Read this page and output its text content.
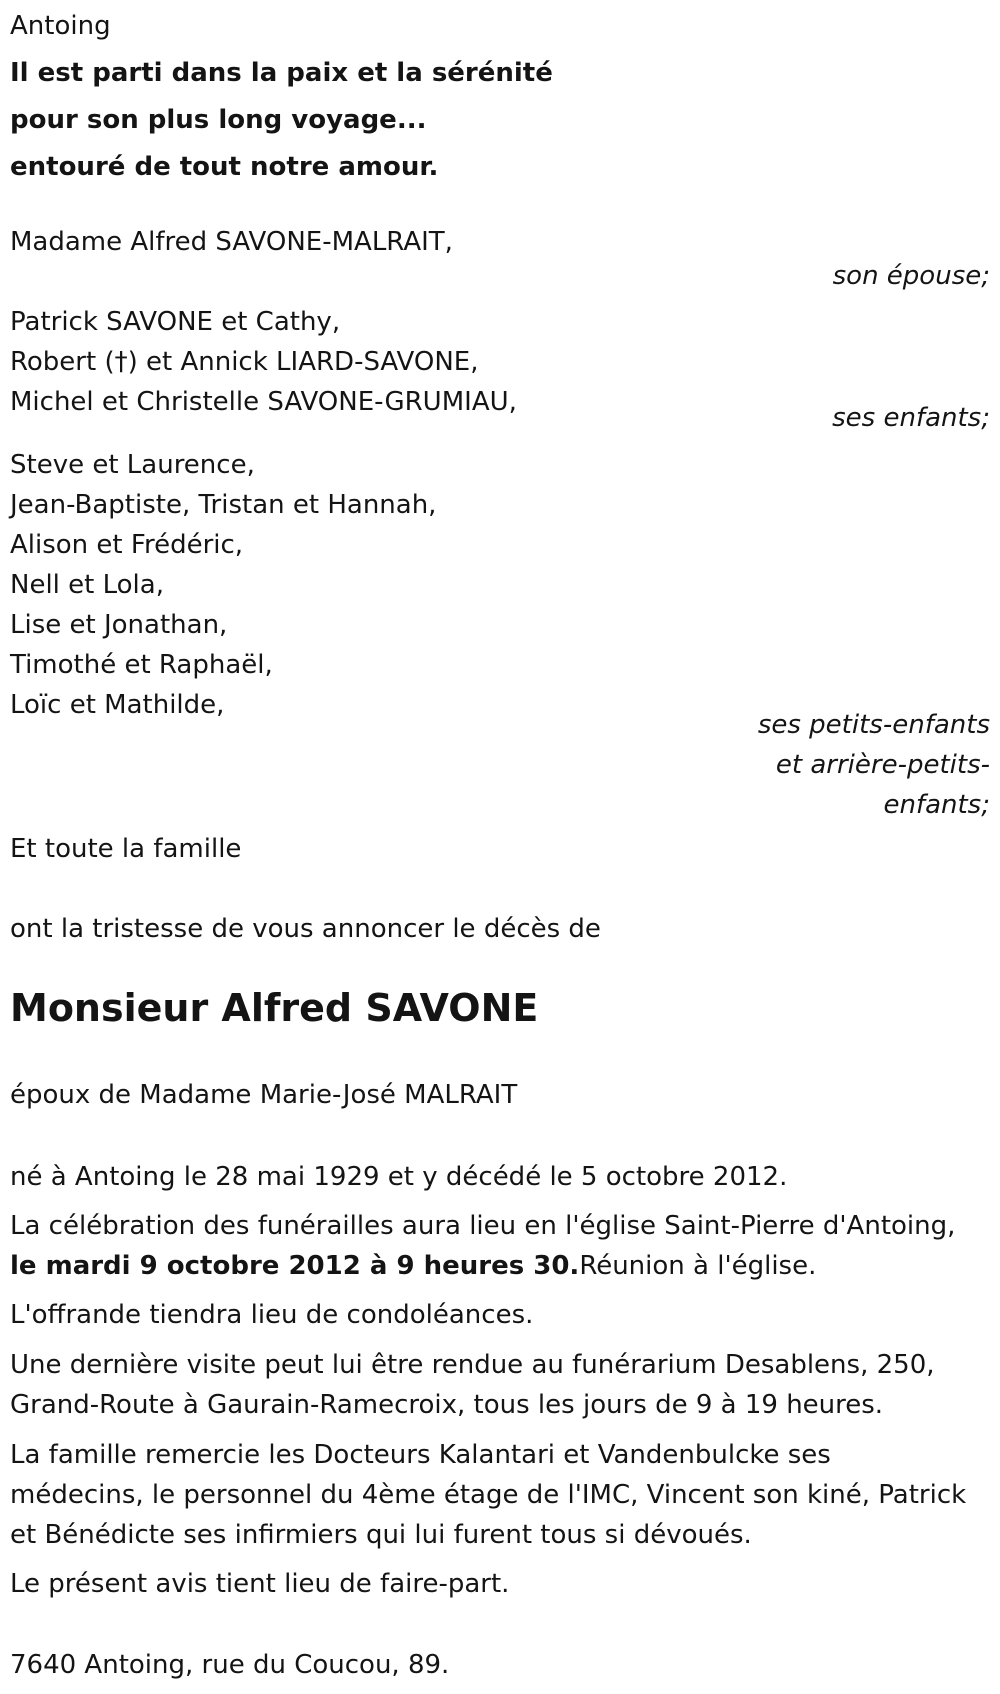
Antoing
Il est parti dans la paix et la sérénité
pour son plus long voyage...
entouré de tout notre amour.
Madame Alfred SAVONE-MALRAIT,
son épouse;
Patrick SAVONE et Cathy,
Robert (†) et Annick LIARD-SAVONE,
Michel et Christelle SAVONE-GRUMIAU,
ses enfants;
Steve et Laurence,
Jean-Baptiste, Tristan et Hannah,
Alison et Frédéric,
Nell et Lola,
Lise et Jonathan,
Timothé et Raphaël,
Loïc et Mathilde,
ses petits-enfants
et arrière-petits-
enfants;
Et toute la famille
ont la tristesse de vous annoncer le décès de
Monsieur Alfred SAVONE
époux de Madame Marie-José MALRAIT
né à Antoing le 28 mai 1929 et y décédé le 5 octobre 2012.
La célébration des funérailles aura lieu en l'église Saint-Pierre d'Antoing,
le mardi 9 octobre 2012 à 9 heures 30.Réunion à l'église.
L'offrande tiendra lieu de condoléances.
Une dernière visite peut lui être rendue au funérarium Desablens, 250,
Grand-Route à Gaurain-Ramecroix, tous les jours de 9 à 19 heures.
La famille remercie les Docteurs Kalantari et Vandenbulcke ses
médecins, le personnel du 4ème étage de l'IMC, Vincent son kiné, Patrick
et Bénédicte ses infirmiers qui lui furent tous si dévoués.
Le présent avis tient lieu de faire-part.
7640 Antoing, rue du Coucou, 89.
